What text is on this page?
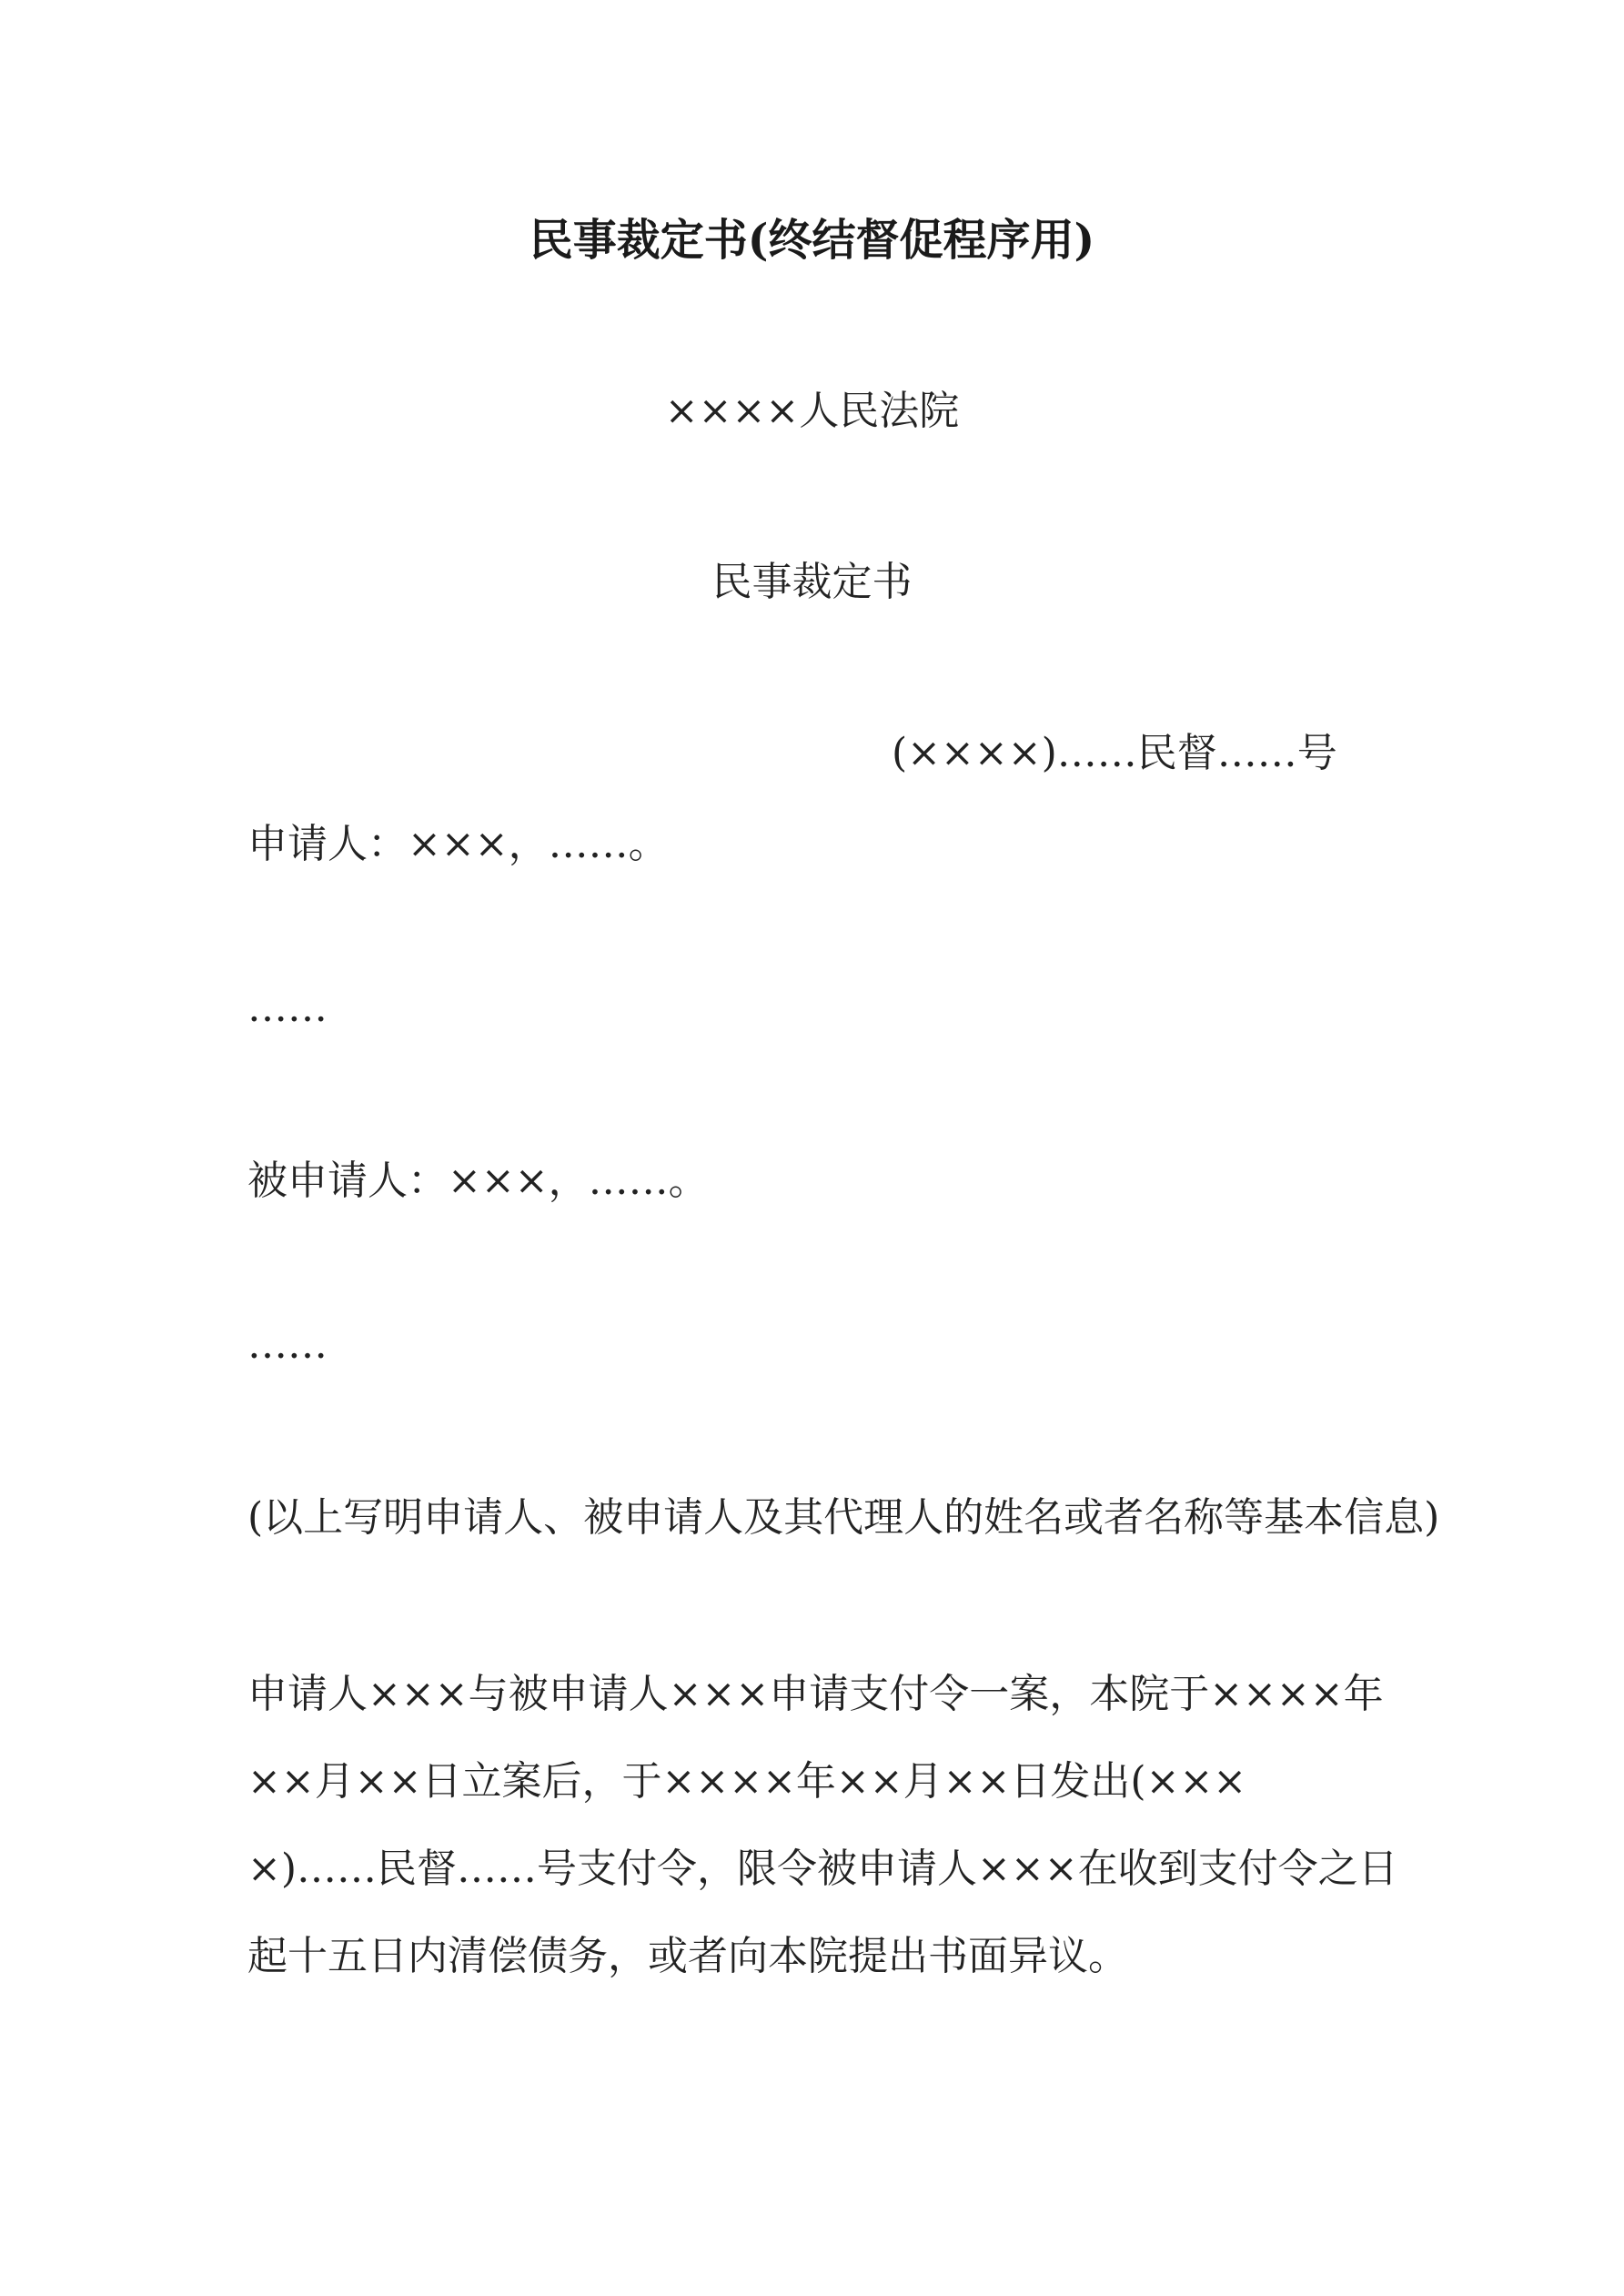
民事裁定书(终结督促程序用)
××××人民法院
民事裁定书
(××××)……民督……号
申请人：×××，……。
……
被申请人：×××，……。
……
(以上写明申请人、被申请人及其代理人的姓名或者名称等基本信息)
申请人×××与被申请人×××申请支付令一案，本院于××××年
××月××日立案后，于××××年××月××日发出(×××
×)……民督……号支付令，限令被申请人×××在收到支付令之日
起十五日内清偿债务，或者向本院提出书面异议。
